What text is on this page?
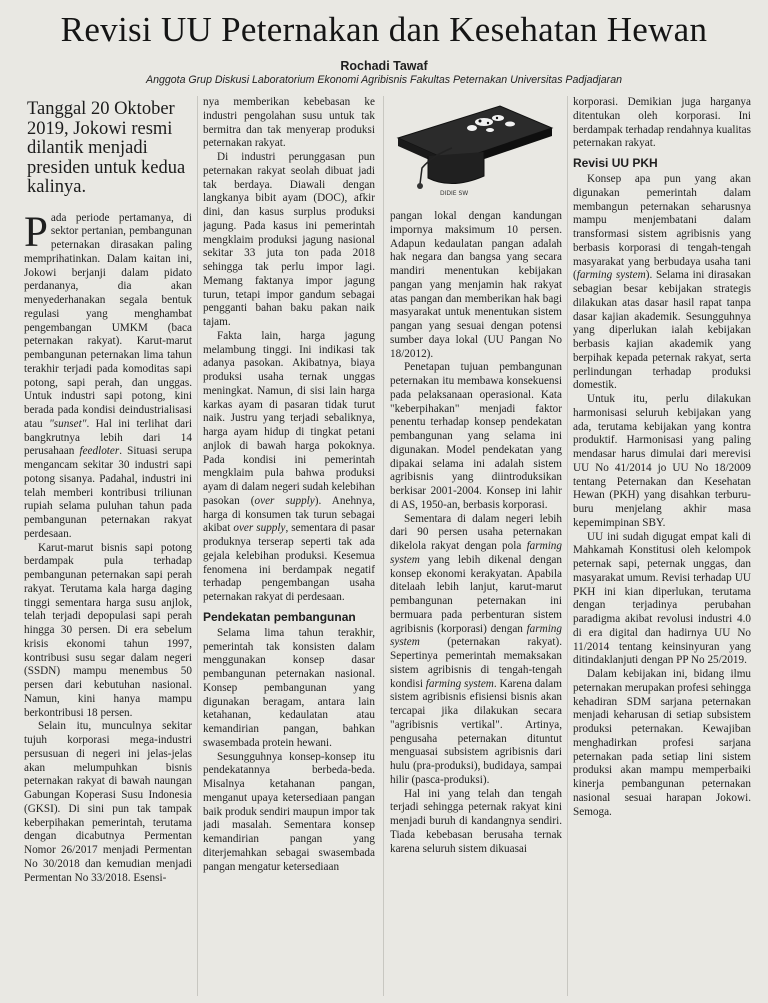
Revisi UU Peternakan dan Kesehatan Hewan
Rochadi Tawaf
Anggota Grup Diskusi Laboratorium Ekonomi Agribisnis Fakultas Peternakan Universitas Padjadjaran
Tanggal 20 Oktober 2019, Jokowi resmi dilantik menjadi presiden untuk kedua kalinya.

Pada periode pertamanya, di sektor pertanian, pembangunan peternakan dirasakan paling memprihatinkan. Dalam kaitan ini, Jokowi berjanji dalam pidato perdananya, dia akan menyederhanakan segala bentuk regulasi yang menghambat pengembangan UMKM (baca peternakan rakyat). Karut-marut pembangunan peternakan lima tahun terakhir terjadi pada komoditas sapi potong, sapi perah, dan unggas. Untuk industri sapi potong, kini berada pada kondisi deindustrialisasi atau "sunset". Hal ini terlihat dari bangkrutnya lebih dari 14 perusahaan feedloter. Situasi serupa mengancam sekitar 30 industri sapi potong sisanya. Padahal, industri ini telah memberi kontribusi triliunan rupiah selama puluhan tahun pada pembangunan peternakan rakyat perdesaan.

Karut-marut bisnis sapi potong berdampak pula terhadap pembangunan peternakan sapi perah rakyat. Terutama kala harga daging tinggi sementara harga susu anjlok, telah terjadi depopulasi sapi perah hingga 30 persen. Di era sebelum krisis ekonomi tahun 1997, kontribusi susu segar dalam negeri (SSDN) mampu menembus 50 persen dari kebutuhan nasional. Namun, kini hanya mampu berkontribusi 18 persen.

Selain itu, munculnya sekitar tujuh korporasi mega-industri persusuan di negeri ini jelas-jelas akan melumpuhkan bisnis peternakan rakyat di bawah naungan Gabungan Koperasi Susu Indonesia (GKSI). Di sini pun tak tampak keberpihakan pemerintah, terutama dengan dicabutnya Permentan Nomor 26/2017 menjadi Permentan No 30/2018 dan kemudian menjadi Permentan No 33/2018. Esensi-

nya memberikan kebebasan ke industri pengolahan susu untuk tak bermitra dan tak menyerap produksi peternakan rakyat.

Di industri perunggasan pun peternakan rakyat seolah dibuat jadi tak berdaya. Diawali dengan langkanya bibit ayam (DOC), afkir dini, dan kasus surplus produksi jagung. Pada kasus ini pemerintah mengklaim produksi jagung nasional sekitar 33 juta ton pada 2018 sehingga tak perlu impor lagi. Memang faktanya impor jagung turun, tetapi impor gandum sebagai pengganti bahan baku pakan naik tajam.

Fakta lain, harga jagung melambung tinggi. Ini indikasi tak adanya pasokan. Akibatnya, biaya produksi usaha ternak unggas meningkat. Namun, di sisi lain harga karkas ayam di pasaran tidak turut naik. Justru yang terjadi sebaliknya, harga ayam hidup di tingkat petani anjlok di bawah harga pokoknya. Pada kondisi ini pemerintah mengklaim pula bahwa produksi ayam di dalam negeri sudah kelebihan pasokan (over supply). Anehnya, harga di konsumen tak turun sebagai akibat over supply, sementara di pasar produknya terserap seperti tak ada gejala kelebihan produksi. Kesemua fenomena ini berdampak negatif terhadap pengembangan usaha peternakan rakyat di perdesaan.

Pendekatan pembangunan

Selama lima tahun terakhir, pemerintah tak konsisten dalam menggunakan konsep dasar pembangunan peternakan nasional. Konsep pembangunan yang digunakan beragam, antara lain ketahanan, kedaulatan atau kemandirian pangan, bahkan swasembada protein hewani.

Sesungguhnya konsep-konsep itu pendekatannya berbeda-beda. Misalnya ketahanan pangan, menganut upaya ketersediaan pangan baik produk sendiri maupun impor tak jadi masalah. Sementara konsep kemandirian pangan yang diterjemahkan sebagai swasembada pangan mengatur ketersediaan

DIDIE SW

pangan lokal dengan kandungan impornya maksimum 10 persen. Adapun kedaulatan pangan adalah hak negara dan bangsa yang secara mandiri menentukan kebijakan pangan yang menjamin hak rakyat atas pangan dan memberikan hak bagi masyarakat untuk menentukan sistem pangan yang sesuai dengan potensi sumber daya lokal (UU Pangan No 18/2012).

Penetapan tujuan pembangunan peternakan itu membawa konsekuensi pada pelaksanaan operasional. Kata "keberpihakan" menjadi faktor penentu terhadap konsep pendekatan pembangunan yang selama ini digunakan. Model pendekatan yang dipakai selama ini adalah sistem agribisnis yang diintroduksikan berkisar 2001-2004. Konsep ini lahir di AS, 1950-an, berbasis korporasi.

Sementara di dalam negeri lebih dari 90 persen usaha peternakan dikelola rakyat dengan pola farming system yang lebih dikenal dengan konsep ekonomi kerakyatan. Apabila ditelaah lebih lanjut, karut-marut pembangunan peternakan ini bermuara pada perbenturan sistem agribisnis (korporasi) dengan farming system (peternakan rakyat). Sepertinya pemerintah memaksakan sistem agribisnis di tengah-tengah kondisi farming system. Karena dalam sistem agribisnis efisiensi bisnis akan tercapai jika dilakukan secara "agribisnis vertikal". Artinya, pengusaha peternakan dituntut menguasai subsistem agribisnis dari hulu (pra-produksi), budidaya, sampai hilir (pasca-produksi).

Hal ini yang telah dan tengah terjadi sehingga peternak rakyat kini menjadi buruh di kandangnya sendiri. Tiada kebebasan berusaha ternak karena seluruh sistem dikuasai

korporasi. Demikian juga harganya ditentukan oleh korporasi. Ini berdampak terhadap rendahnya kualitas peternakan rakyat.

Revisi UU PKH

Konsep apa pun yang akan digunakan pemerintah dalam membangun peternakan seharusnya mampu menjembatani dalam transformasi sistem agribisnis yang berbasis korporasi di tengah-tengah masyarakat yang berbudaya usaha tani (farming system). Selama ini dirasakan sebagian besar kebijakan strategis dilakukan atas dasar hasil rapat tanpa dasar kajian akademik. Sesungguhnya yang diperlukan ialah kebijakan berbasis kajian akademik yang berpihak kepada peternak rakyat, serta perlindungan terhadap produksi domestik.

Untuk itu, perlu dilakukan harmonisasi seluruh kebijakan yang ada, terutama kebijakan yang kontra produktif. Harmonisasi yang paling mendasar harus dimulai dari merevisi UU No 41/2014 jo UU No 18/2009 tentang Peternakan dan Kesehatan Hewan (PKH) yang disahkan terburu-buru menjelang akhir masa kepemimpinan SBY.

UU ini sudah digugat empat kali di Mahkamah Konstitusi oleh kelompok peternak sapi, peternak unggas, dan masyarakat umum. Revisi terhadap UU PKH ini kian diperlukan, terutama dengan terjadinya perubahan paradigma akibat revolusi industri 4.0 di era digital dan hadirnya UU No 11/2014 tentang keinsinyuran yang ditindaklanjuti dengan PP No 25/2019.

Dalam kebijakan ini, bidang ilmu peternakan merupakan profesi sehingga kehadiran SDM sarjana peternakan menjadi keharusan di setiap subsistem produksi peternakan. Kewajiban menghadirkan profesi sarjana peternakan pada setiap lini sistem produksi akan mampu memperbaiki kinerja pembangunan peternakan nasional sesuai harapan Jokowi. Semoga.
